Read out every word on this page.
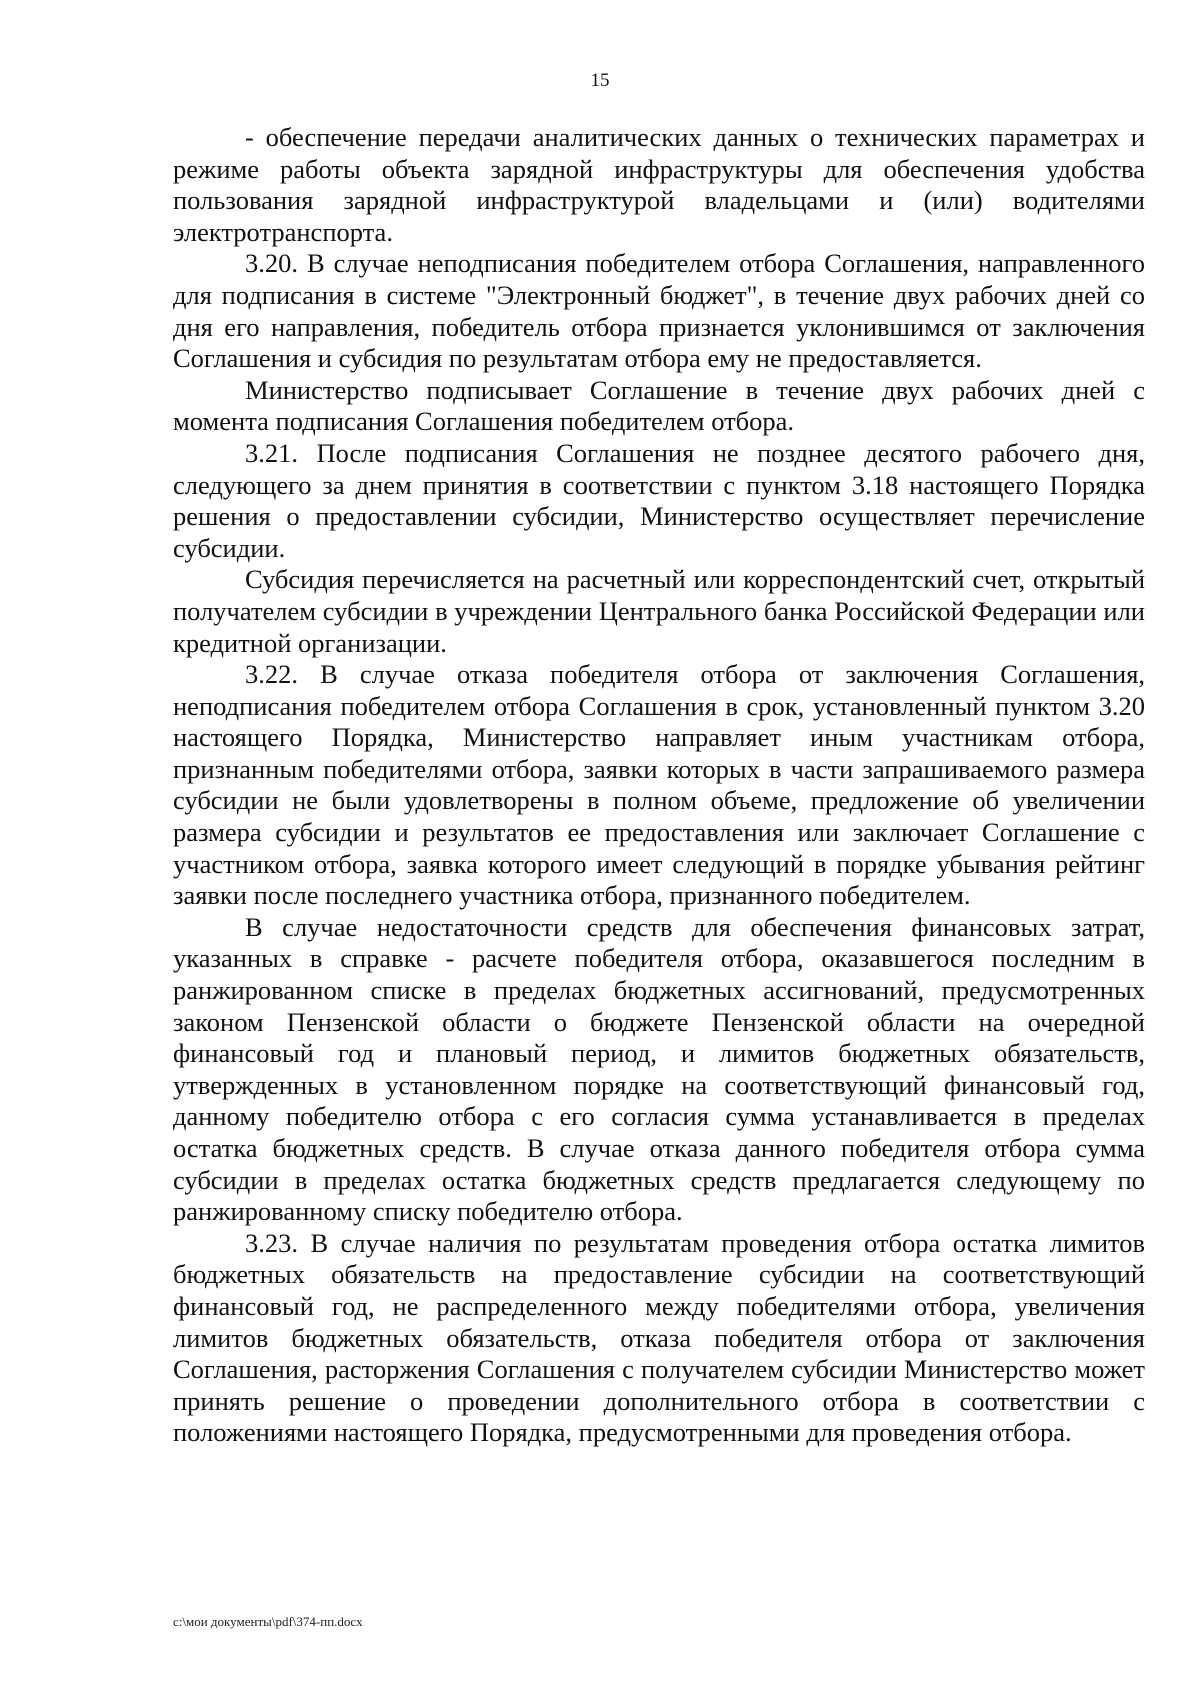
15

- обеспечение передачи аналитических данных о технических параметрах и режиме работы объекта зарядной инфраструктуры для обеспечения удобства пользования зарядной инфраструктурой владельцами и (или) водителями электротранспорта.

3.20. В случае неподписания победителем отбора Соглашения, направленного для подписания в системе "Электронный бюджет", в течение двух рабочих дней со дня его направления, победитель отбора признается уклонившимся от заключения Соглашения и субсидия по результатам отбора ему не предоставляется.

Министерство подписывает Соглашение в течение двух рабочих дней с момента подписания Соглашения победителем отбора.

3.21. После подписания Соглашения не позднее десятого рабочего дня, следующего за днем принятия в соответствии с пунктом 3.18 настоящего Порядка решения о предоставлении субсидии, Министерство осуществляет перечисление субсидии.

Субсидия перечисляется на расчетный или корреспондентский счет, открытый получателем субсидии в учреждении Центрального банка Российской Федерации или кредитной организации.

3.22. В случае отказа победителя отбора от заключения Соглашения, неподписания победителем отбора Соглашения в срок, установленный пунктом 3.20 настоящего Порядка, Министерство направляет иным участникам отбора, признанным победителями отбора, заявки которых в части запрашиваемого размера субсидии не были удовлетворены в полном объеме, предложение об увеличении размера субсидии и результатов ее предоставления или заключает Соглашение с участником отбора, заявка которого имеет следующий в порядке убывания рейтинг заявки после последнего участника отбора, признанного победителем.

В случае недостаточности средств для обеспечения финансовых затрат, указанных в справке - расчете победителя отбора, оказавшегося последним в ранжированном списке в пределах бюджетных ассигнований, предусмотренных законом Пензенской области о бюджете Пензенской области на очередной финансовый год и плановый период, и лимитов бюджетных обязательств, утвержденных в установленном порядке на соответствующий финансовый год, данному победителю отбора с его согласия сумма устанавливается в пределах остатка бюджетных средств. В случае отказа данного победителя отбора сумма субсидии в пределах остатка бюджетных средств предлагается следующему по ранжированному списку победителю отбора.

3.23. В случае наличия по результатам проведения отбора остатка лимитов бюджетных обязательств на предоставление субсидии на соответствующий финансовый год, не распределенного между победителями отбора, увеличения лимитов бюджетных обязательств, отказа победителя отбора от заключения Соглашения, расторжения Соглашения с получателем субсидии Министерство может принять решение о проведении дополнительного отбора в соответствии с положениями настоящего Порядка, предусмотренными для проведения отбора.

c:\мои документы\pdf\374-пп.docx
